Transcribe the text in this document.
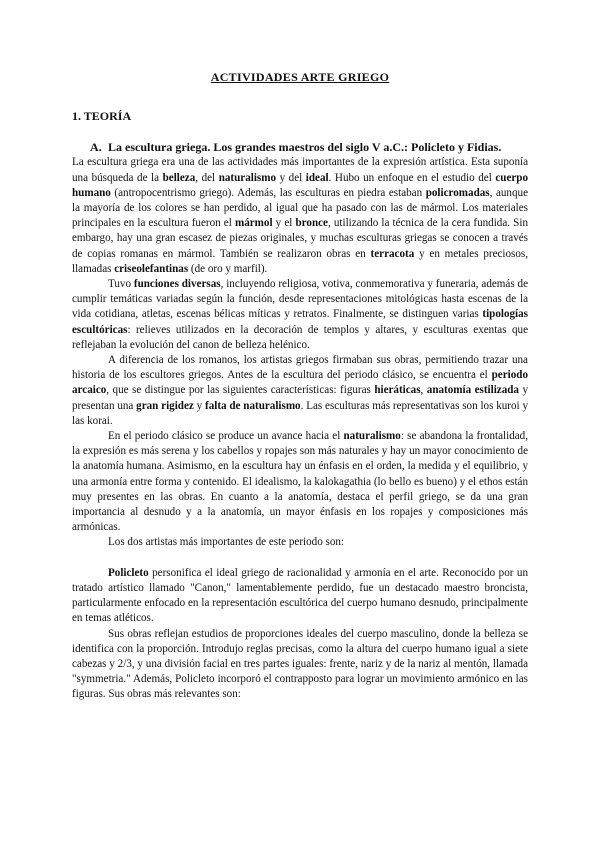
ACTIVIDADES ARTE GRIEGO
1. TEORÍA
A. La escultura griega. Los grandes maestros del siglo V a.C.: Policleto y Fidias.

La escultura griega era una de las actividades más importantes de la expresión artística. Esta suponía una búsqueda de la belleza, del naturalismo y del ideal. Hubo un enfoque en el estudio del cuerpo humano (antropocentrismo griego). Además, las esculturas en piedra estaban policromadas, aunque la mayoría de los colores se han perdido, al igual que ha pasado con las de mármol. Los materiales principales en la escultura fueron el mármol y el bronce, utilizando la técnica de la cera fundida. Sin embargo, hay una gran escasez de piezas originales, y muchas esculturas griegas se conocen a través de copias romanas en mármol. También se realizaron obras en terracota y en metales preciosos, llamadas criseolefantinas (de oro y marfil).

Tuvo funciones diversas, incluyendo religiosa, votiva, conmemorativa y funeraria, además de cumplir temáticas variadas según la función, desde representaciones mitológicas hasta escenas de la vida cotidiana, atletas, escenas bélicas míticas y retratos. Finalmente, se distinguen varias tipologías escultóricas: relieves utilizados en la decoración de templos y altares, y esculturas exentas que reflejaban la evolución del canon de belleza helénico.

A diferencia de los romanos, los artistas griegos firmaban sus obras, permitiendo trazar una historia de los escultores griegos. Antes de la escultura del periodo clásico, se encuentra el periodo arcaico, que se distingue por las siguientes características: figuras hieráticas, anatomía estilizada y presentan una gran rigidez y falta de naturalismo. Las esculturas más representativas son los kuroi y las korai.

En el periodo clásico se produce un avance hacia el naturalismo: se abandona la frontalidad, la expresión es más serena y los cabellos y ropajes son más naturales y hay un mayor conocimiento de la anatomía humana. Asimismo, en la escultura hay un énfasis en el orden, la medida y el equilibrio, y una armonía entre forma y contenido. El idealismo, la kalokagathia (lo bello es bueno) y el ethos están muy presentes en las obras. En cuanto a la anatomía, destaca el perfil griego, se da una gran importancia al desnudo y a la anatomía, un mayor énfasis en los ropajes y composiciones más armónicas.

Los dos artistas más importantes de este periodo son:

Policleto personifica el ideal griego de racionalidad y armonía en el arte. Reconocido por un tratado artístico llamado "Canon," lamentablemente perdido, fue un destacado maestro broncista, particularmente enfocado en la representación escultórica del cuerpo humano desnudo, principalmente en temas atléticos.

Sus obras reflejan estudios de proporciones ideales del cuerpo masculino, donde la belleza se identifica con la proporción. Introdujo reglas precisas, como la altura del cuerpo humano igual a siete cabezas y 2/3, y una división facial en tres partes iguales: frente, nariz y de la nariz al mentón, llamada "symmetria." Además, Policleto incorporó el contrapposto para lograr un movimiento armónico en las figuras. Sus obras más relevantes son:
